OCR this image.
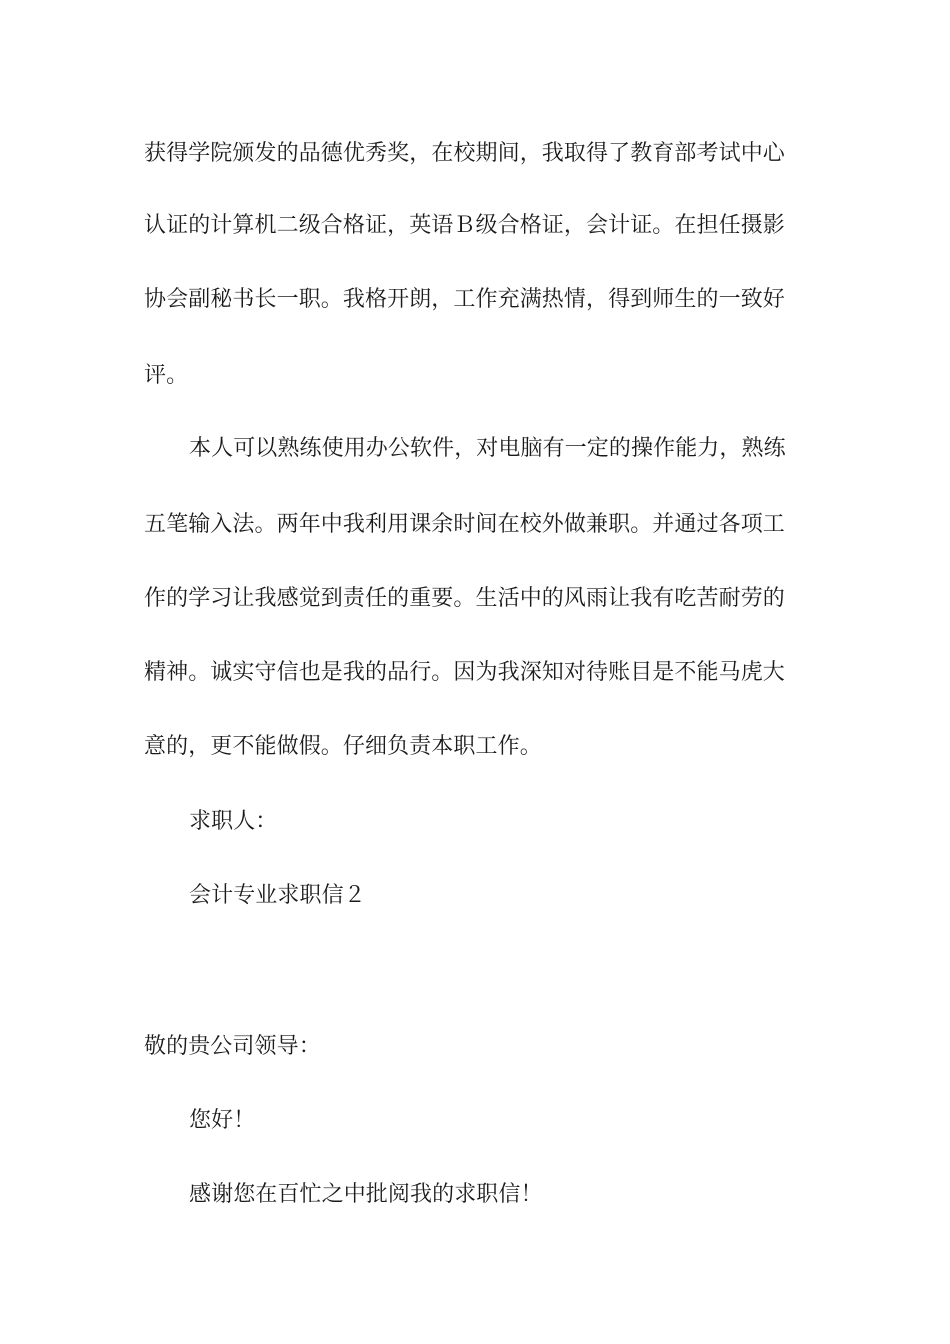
获得学院颁发的品德优秀奖，在校期间，我取得了教育部考试中心
认证的计算机二级合格证，英语Ｂ级合格证，会计证。在担任摄影
协会副秘书长一职。我格开朗，工作充满热情，得到师生的一致好
评。
本人可以熟练使用办公软件，对电脑有一定的操作能力，熟练
五笔输入法。两年中我利用课余时间在校外做兼职。并通过各项工
作的学习让我感觉到责任的重要。生活中的风雨让我有吃苦耐劳的
精神。诚实守信也是我的品行。因为我深知对待账目是不能马虎大
意的，更不能做假。仔细负责本职工作。
求职人：
会计专业求职信２
敬的贵公司领导：
您好！
感谢您在百忙之中批阅我的求职信！
